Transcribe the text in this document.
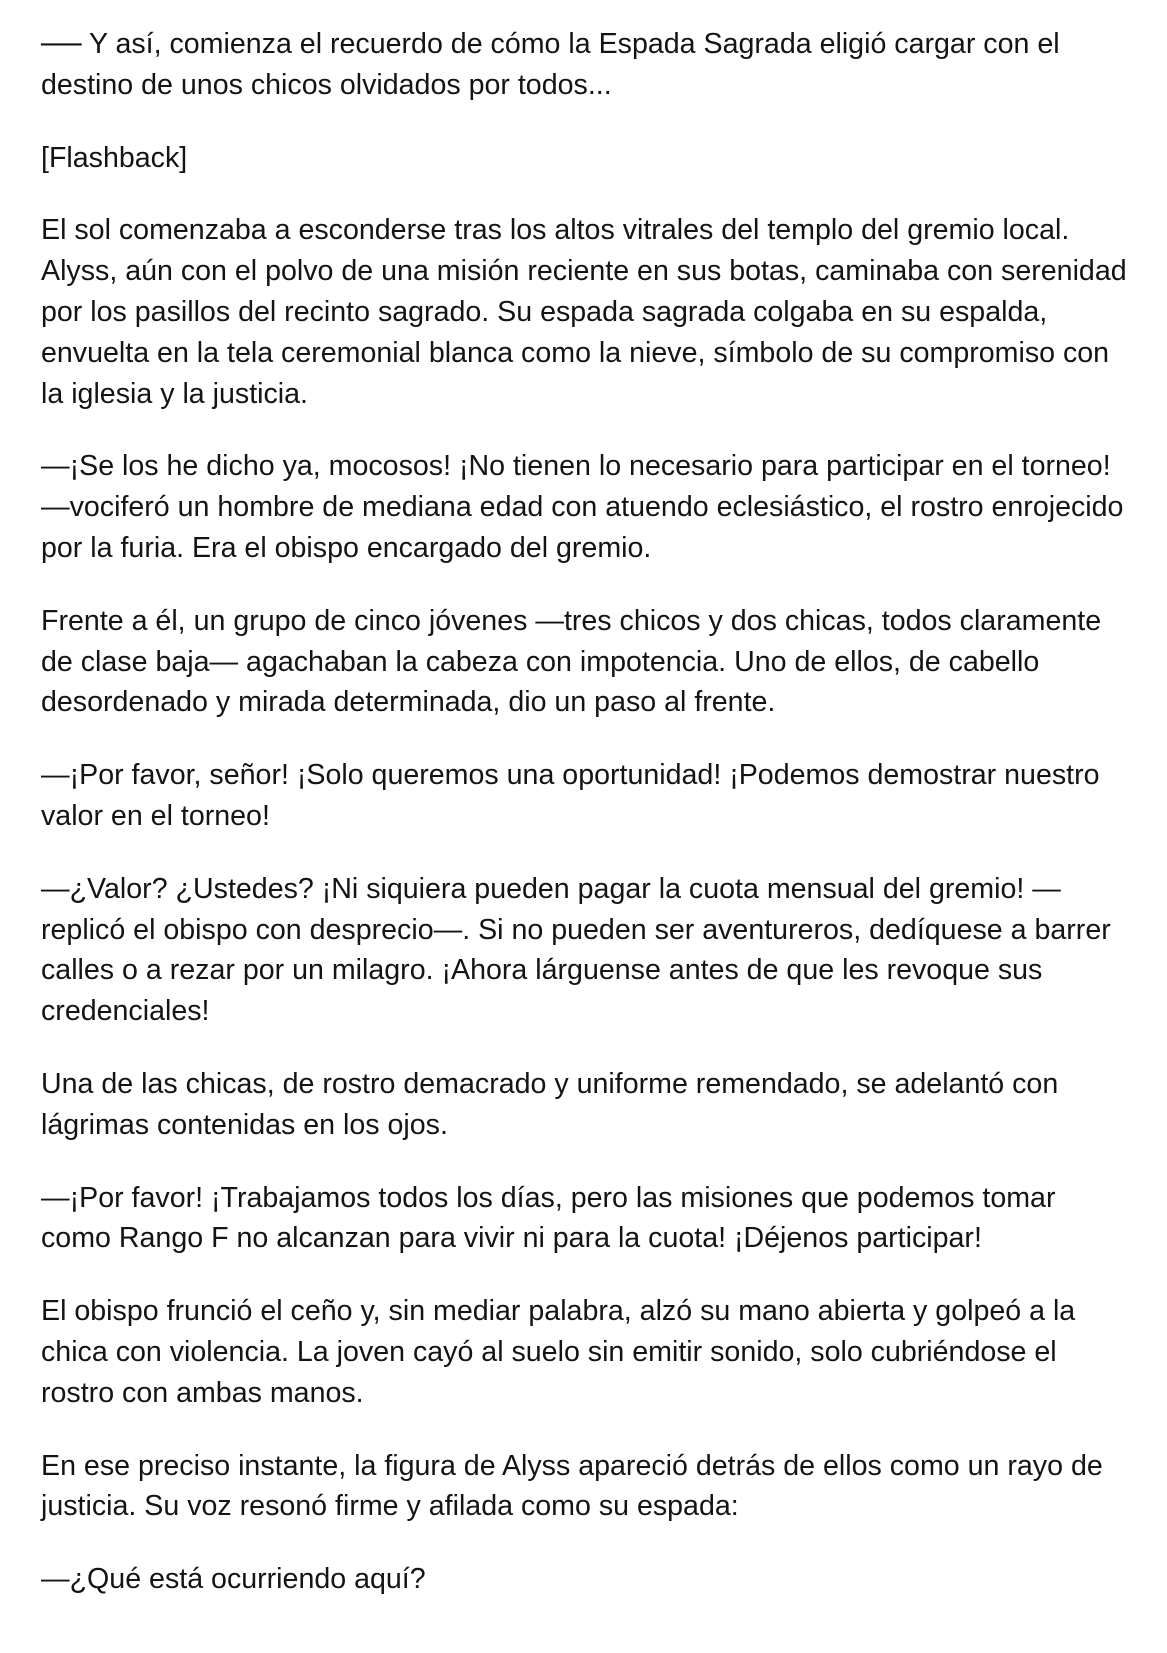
── Y así, comienza el recuerdo de cómo la Espada Sagrada eligió cargar con el destino de unos chicos olvidados por todos...

[Flashback]

El sol comenzaba a esconderse tras los altos vitrales del templo del gremio local. Alyss, aún con el polvo de una misión reciente en sus botas, caminaba con serenidad por los pasillos del recinto sagrado. Su espada sagrada colgaba en su espalda, envuelta en la tela ceremonial blanca como la nieve, símbolo de su compromiso con la iglesia y la justicia.

—¡Se los he dicho ya, mocosos! ¡No tienen lo necesario para participar en el torneo! —vociferó un hombre de mediana edad con atuendo eclesiástico, el rostro enrojecido por la furia. Era el obispo encargado del gremio.

Frente a él, un grupo de cinco jóvenes —tres chicos y dos chicas, todos claramente de clase baja— agachaban la cabeza con impotencia. Uno de ellos, de cabello desordenado y mirada determinada, dio un paso al frente.

—¡Por favor, señor! ¡Solo queremos una oportunidad! ¡Podemos demostrar nuestro valor en el torneo!

—¿Valor? ¿Ustedes? ¡Ni siquiera pueden pagar la cuota mensual del gremio! —replicó el obispo con desprecio—. Si no pueden ser aventureros, dedíquese a barrer calles o a rezar por un milagro. ¡Ahora lárguense antes de que les revoque sus credenciales!

Una de las chicas, de rostro demacrado y uniforme remendado, se adelantó con lágrimas contenidas en los ojos.

—¡Por favor! ¡Trabajamos todos los días, pero las misiones que podemos tomar como Rango F no alcanzan para vivir ni para la cuota! ¡Déjenos participar!

El obispo frunció el ceño y, sin mediar palabra, alzó su mano abierta y golpeó a la chica con violencia. La joven cayó al suelo sin emitir sonido, solo cubriéndose el rostro con ambas manos.

En ese preciso instante, la figura de Alyss apareció detrás de ellos como un rayo de justicia. Su voz resonó firme y afilada como su espada:

—¿Qué está ocurriendo aquí?
